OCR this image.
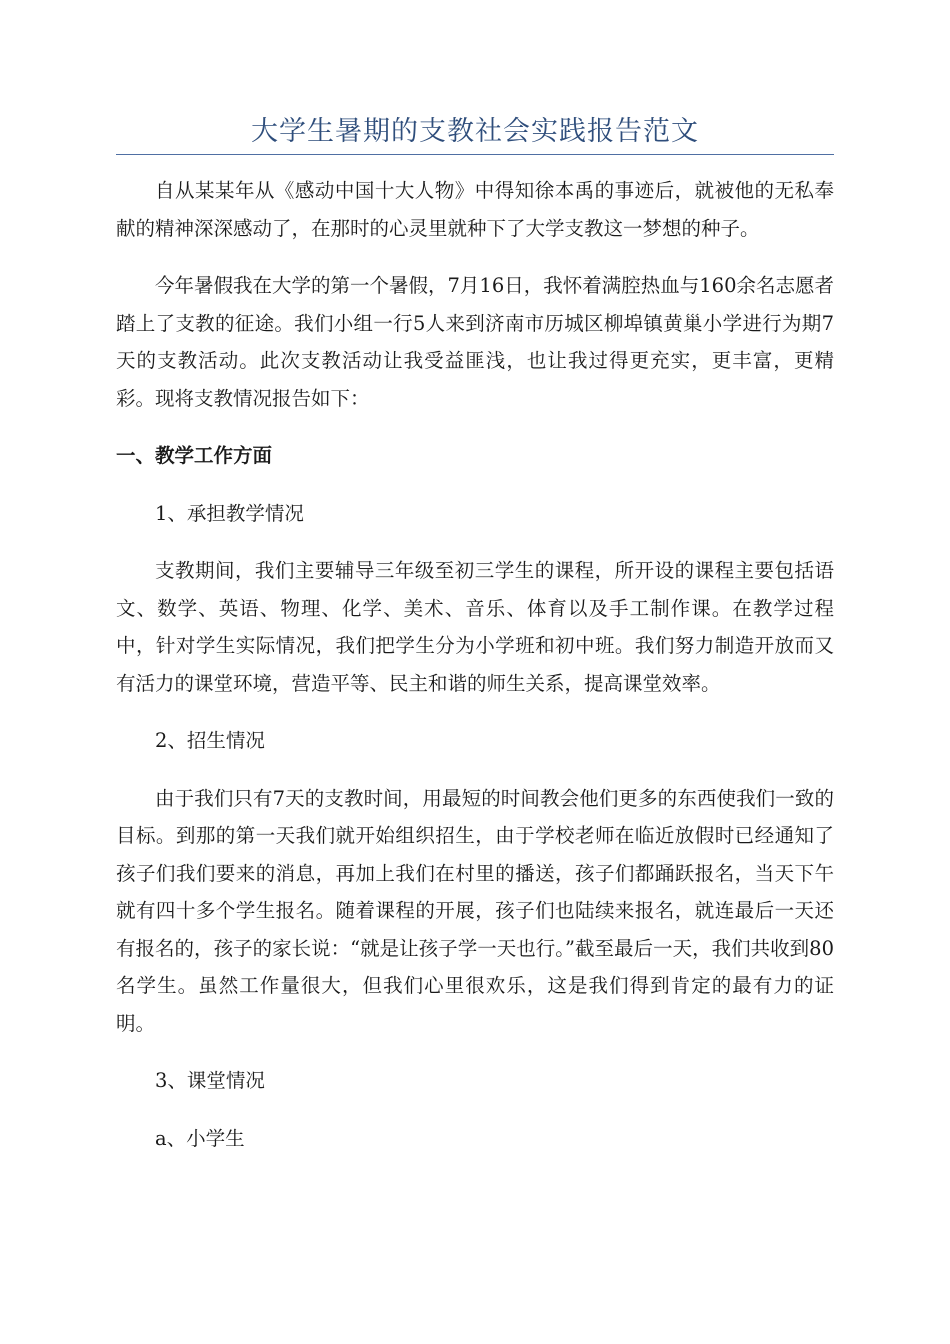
大学生暑期的支教社会实践报告范文

自从某某年从《感动中国十大人物》中得知徐本禹的事迹后，就被他的无私奉献的精神深深感动了，在那时的心灵里就种下了大学支教这一梦想的种子。

今年暑假我在大学的第一个暑假，7月16日，我怀着满腔热血与160余名志愿者踏上了支教的征途。我们小组一行5人来到济南市历城区柳埠镇黄巢小学进行为期7天的支教活动。此次支教活动让我受益匪浅，也让我过得更充实，更丰富，更精彩。现将支教情况报告如下：

一、教学工作方面

1、承担教学情况

支教期间，我们主要辅导三年级至初三学生的课程，所开设的课程主要包括语文、数学、英语、物理、化学、美术、音乐、体育以及手工制作课。在教学过程中，针对学生实际情况，我们把学生分为小学班和初中班。我们努力制造开放而又有活力的课堂环境，营造平等、民主和谐的师生关系，提高课堂效率。

2、招生情况

由于我们只有7天的支教时间，用最短的时间教会他们更多的东西使我们一致的目标。到那的第一天我们就开始组织招生，由于学校老师在临近放假时已经通知了孩子们我们要来的消息，再加上我们在村里的播送，孩子们都踊跃报名，当天下午就有四十多个学生报名。随着课程的开展，孩子们也陆续来报名，就连最后一天还有报名的，孩子的家长说：“就是让孩子学一天也行。”截至最后一天，我们共收到80名学生。虽然工作量很大，但我们心里很欢乐，这是我们得到肯定的最有力的证明。

3、课堂情况

a、小学生
